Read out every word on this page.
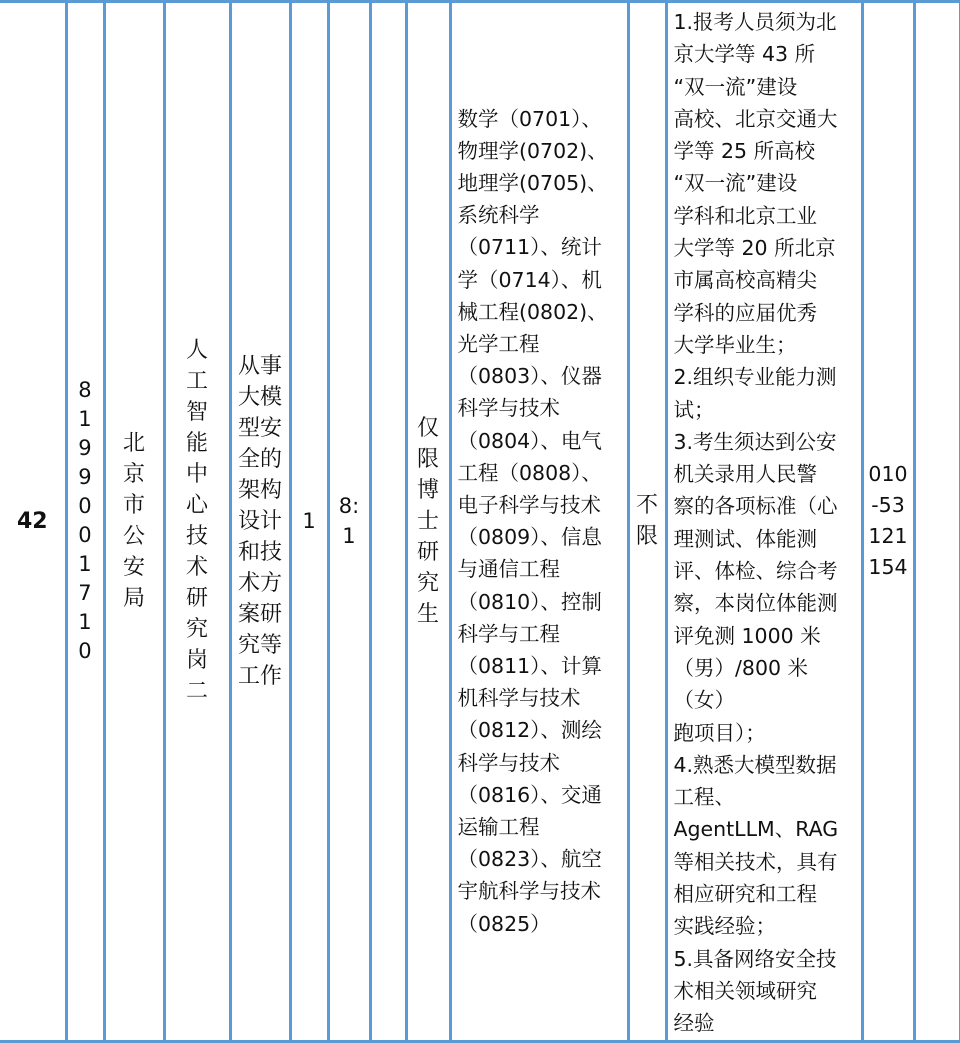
42	81990017 10	北京市公安局	人工智能中心技术研究岗二	从事大模型安全的架构设计和技术方案研究等工作	1	8:1		仅限博士研究生	数学（0701）、
物理学(0702)、
地理学(0705)、
系统科学
（0711）、统计
学（0714）、机
械工程(0802)、
光学工程
（0803）、仪器
科学与技术
（0804）、电气
工程（0808）、
电子科学与技术
（0809）、信息
与通信工程
（0810）、控制
科学与工程
（0811）、计算
机科学与技术
（0812）、测绘
科学与技术
（0816）、交通
运输工程
（0823）、航空
宇航科学与技术
（0825）	不限	1.报考人员须为北
京大学等 43 所
“双一流”建设
高校、北京交通大
学等 25 所高校
“双一流”建设
学科和北京工业
大学等 20 所北京
市属高校高精尖
学科的应届优秀
大学毕业生；
2.组织专业能力测
试；
3.考生须达到公安
机关录用人民警
察的各项标准（心
理测试、体能测
评、体检、综合考
察，本岗位体能测
评免测 1000 米
（男）/800 米（女）
跑项目）；
4.熟悉大模型数据
工程、
AgentLLM、RAG
等相关技术，具有
相应研究和工程
实践经验；
5.具备网络安全技
术相关领域研究
经验	010
-53
121
154		
